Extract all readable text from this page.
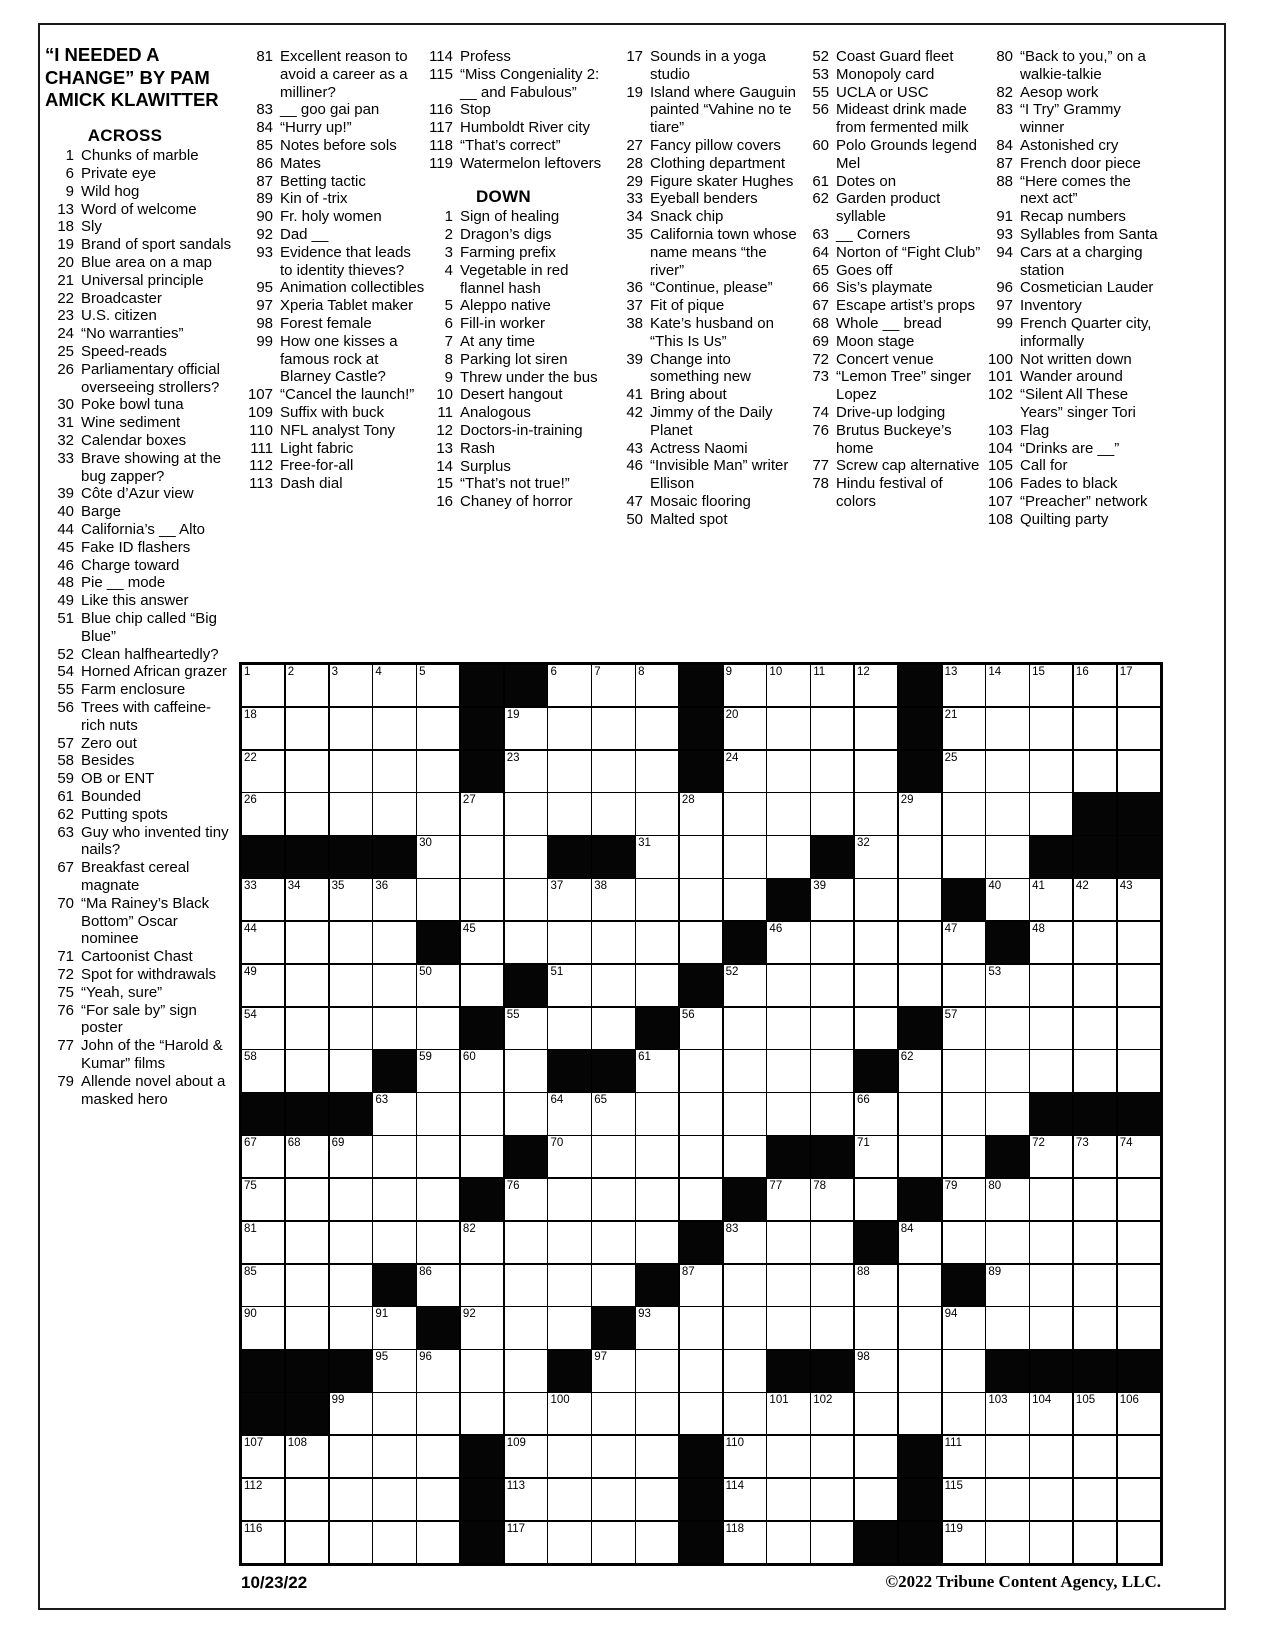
“I NEEDED A CHANGE” BY PAM AMICK KLAWITTER
ACROSS
1 Chunks of marble
6 Private eye
9 Wild hog
13 Word of welcome
18 Sly
19 Brand of sport sandals
20 Blue area on a map
21 Universal principle
22 Broadcaster
23 U.S. citizen
24 “No warranties”
25 Speed-reads
26 Parliamentary official overseeing strollers?
30 Poke bowl tuna
31 Wine sediment
32 Calendar boxes
33 Brave showing at the bug zapper?
39 Côte d’Azur view
40 Barge
44 California’s __ Alto
45 Fake ID flashers
46 Charge toward
48 Pie __ mode
49 Like this answer
51 Blue chip called “Big Blue”
52 Clean halfheartedly?
54 Horned African grazer
55 Farm enclosure
56 Trees with caffeine-rich nuts
57 Zero out
58 Besides
59 OB or ENT
61 Bounded
62 Putting spots
63 Guy who invented tiny nails?
67 Breakfast cereal magnate
70 “Ma Rainey’s Black Bottom” Oscar nominee
71 Cartoonist Chast
72 Spot for withdrawals
75 “Yeah, sure”
76 “For sale by” sign poster
77 John of the “Harold & Kumar” films
79 Allende novel about a masked hero
81 Excellent reason to avoid a career as a milliner?
83 __ goo gai pan
84 “Hurry up!”
85 Notes before sols
86 Mates
87 Betting tactic
89 Kin of -trix
90 Fr. holy women
92 Dad __
93 Evidence that leads to identity thieves?
95 Animation collectibles
97 Xperia Tablet maker
98 Forest female
99 How one kisses a famous rock at Blarney Castle?
107 “Cancel the launch!”
109 Suffix with buck
110 NFL analyst Tony
111 Light fabric
112 Free-for-all
113 Dash dial
114 Profess
115 “Miss Congeniality 2: __ and Fabulous”
116 Stop
117 Humboldt River city
118 “That’s correct”
119 Watermelon leftovers
DOWN
1 Sign of healing
2 Dragon’s digs
3 Farming prefix
4 Vegetable in red flannel hash
5 Aleppo native
6 Fill-in worker
7 At any time
8 Parking lot siren
9 Threw under the bus
10 Desert hangout
11 Analogous
12 Doctors-in-training
13 Rash
14 Surplus
15 “That’s not true!”
16 Chaney of horror
17 Sounds in a yoga studio
19 Island where Gauguin painted “Vahine no te tiare”
27 Fancy pillow covers
28 Clothing department
29 Figure skater Hughes
33 Eyeball benders
34 Snack chip
35 California town whose name means “the river”
36 “Continue, please”
37 Fit of pique
38 Kate’s husband on “This Is Us”
39 Change into something new
41 Bring about
42 Jimmy of the Daily Planet
43 Actress Naomi
46 “Invisible Man” writer Ellison
47 Mosaic flooring
50 Malted spot
52 Coast Guard fleet
53 Monopoly card
55 UCLA or USC
56 Mideast drink made from fermented milk
60 Polo Grounds legend Mel
61 Dotes on
62 Garden product syllable
63 __ Corners
64 Norton of “Fight Club”
65 Goes off
66 Sis’s playmate
67 Escape artist’s props
68 Whole __ bread
69 Moon stage
72 Concert venue
73 “Lemon Tree” singer Lopez
74 Drive-up lodging
76 Brutus Buckeye’s home
77 Screw cap alternative
78 Hindu festival of colors
80 “Back to you,” on a walkie-talkie
82 Aesop work
83 “I Try” Grammy winner
84 Astonished cry
87 French door piece
88 “Here comes the next act”
91 Recap numbers
93 Syllables from Santa
94 Cars at a charging station
96 Cosmetician Lauder
97 Inventory
99 French Quarter city, informally
100 Not written down
101 Wander around
102 “Silent All These Years” singer Tori
103 Flag
104 “Drinks are __”
105 Call for
106 Fades to black
107 “Preacher” network
108 Quilting party
1	2	3	4	5	6	7	8	9	10	11	12	13	14	15	16	17
18	19	20	21
22	23	24	25
26	27	28	29
30	31	32
33	34	35	36	37	38	39	40	41	42	43
44	45	46	47	48
49	50	51	52	53
54	55	56	57
58	59	60	61	62
63	64	65	66
67	68	69	70	71	72	73	74
75	76	77	78	79	80
81	82	83	84
85	86	87	88	89
90	91	92	93	94
95	96	97	98
99	100	101 102	103 104 105 106
107 108	109	110	111
112	113	114	115
116	117	118	119
10/23/22	©2022 Tribune Content Agency, LLC.
